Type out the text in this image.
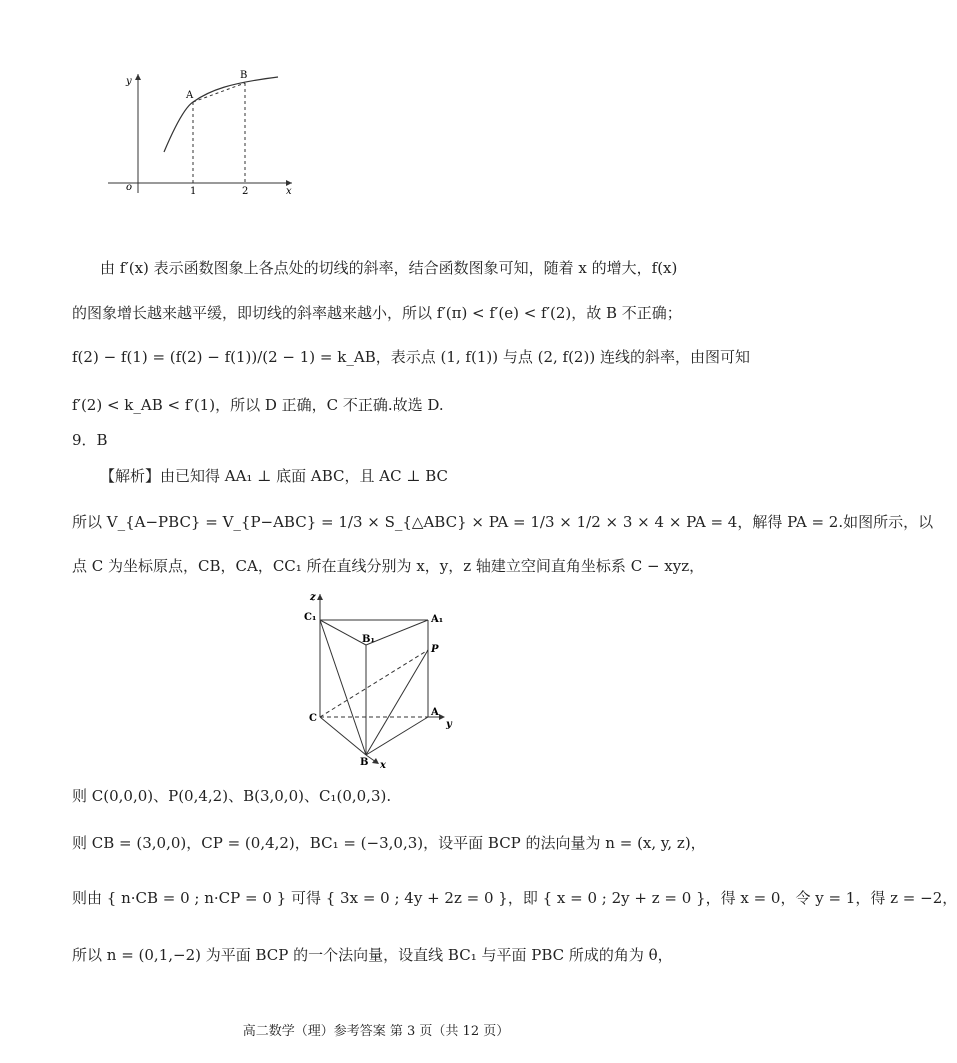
y
x
o	1	2
A
B
由 f′(x) 表示函数图象上各点处的切线的斜率，结合函数图象可知，随着 x 的增大，f(x)
的图象增长越来越平缓，即切线的斜率越来越小，所以 f′(π) < f′(e) < f′(2)，故 B 不正确；
f(2) − f(1) = (f(2) − f(1))/(2 − 1) = k_AB，表示点 (1, f(1)) 与点 (2, f(2)) 连线的斜率，由图可知
f′(2) < k_AB < f′(1)，所以 D 正确，C 不正确.故选 D.
9．B
【解析】由已知得 AA₁ ⊥ 底面 ABC，且 AC ⊥ BC
所以 V_{A−PBC} = V_{P−ABC} = 1/3 × S_{△ABC} × PA = 1/3 × 1/2 × 3 × 4 × PA = 4，解得 PA = 2.如图所示，以
点 C 为坐标原点，CB，CA，CC₁ 所在直线分别为 x，y，z 轴建立空间直角坐标系 C − xyz，
z
C₁	A₁
B₁
P
C
A
y
B x
则 C(0,0,0)、P(0,4,2)、B(3,0,0)、C₁(0,0,3).
则 CB = (3,0,0)，CP = (0,4,2)，BC₁ = (−3,0,3)，设平面 BCP 的法向量为 n = (x, y, z)，
则由 { n·CB = 0 ; n·CP = 0 } 可得 { 3x = 0 ; 4y + 2z = 0 }，即 { x = 0 ; 2y + z = 0 }，得 x = 0，令 y = 1，得 z = −2，
所以 n = (0,1,−2) 为平面 BCP 的一个法向量，设直线 BC₁ 与平面 PBC 所成的角为 θ，
高二数学（理）参考答案 第 3 页（共 12 页）
